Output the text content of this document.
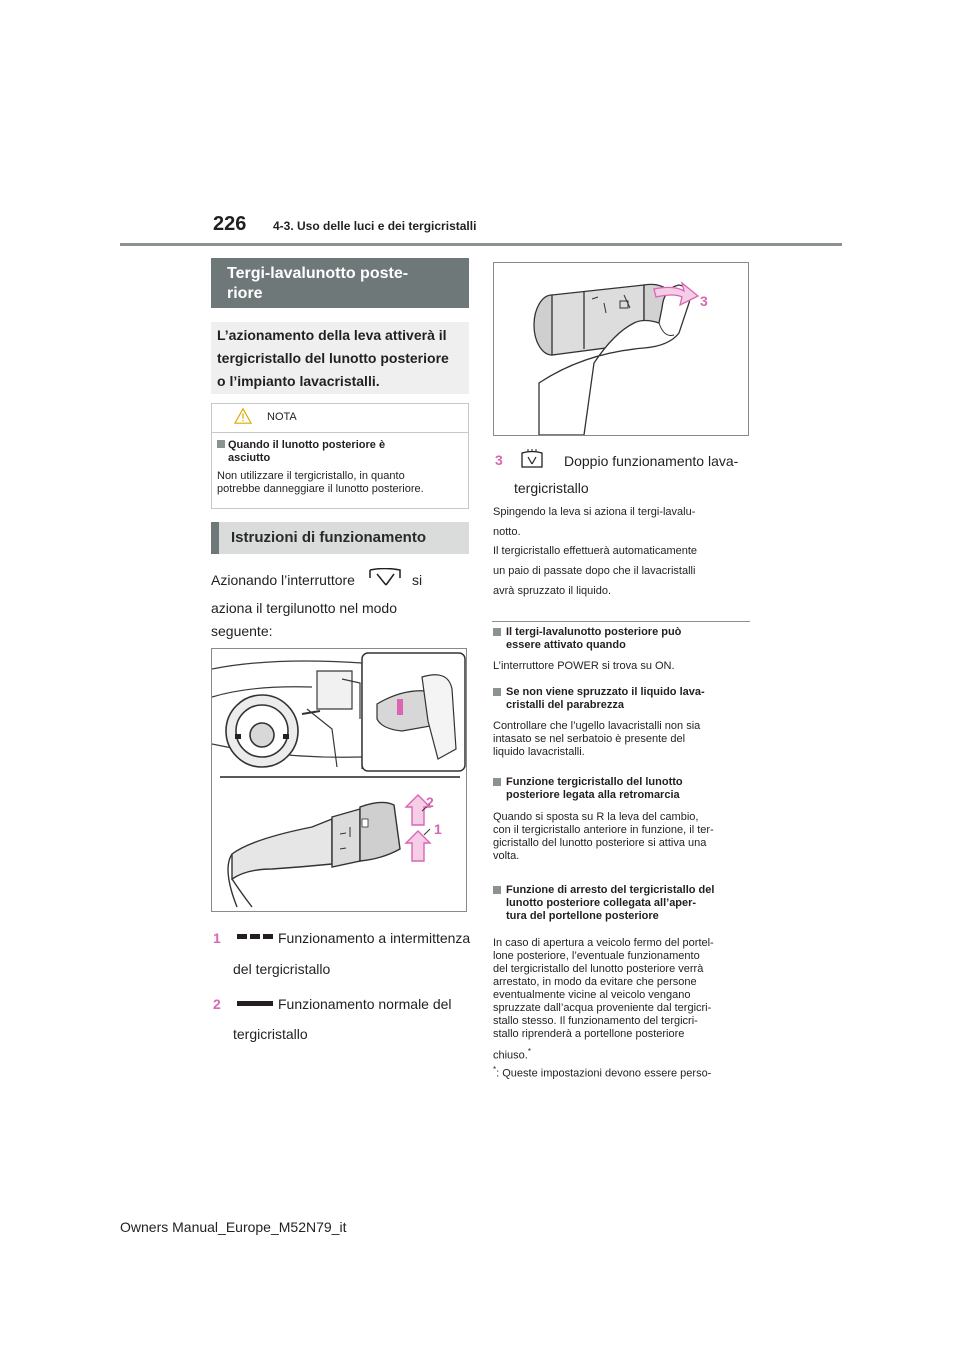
226 4-3. Uso delle luci e dei tergicristalli
Tergi-lavalunotto poste-
riore
L’azionamento della leva attiverà il
tergicristallo del lunotto posteriore
o l’impianto lavacristalli.
NOTA
Quando il lunotto posteriore è
asciutto
Non utilizzare il tergicristallo, in quanto
potrebbe danneggiare il lunotto posteriore.
Istruzioni di funzionamento
Azionando l’interruttore	si
aziona il tergilunotto nel modo
seguente:
2
1
1	Funzionamento a intermittenza
del tergicristallo
2	Funzionamento normale del
tergicristallo
3
3	Doppio funzionamento lava-
tergicristallo
Spingendo la leva si aziona il tergi-lavalu-
notto.
Il tergicristallo effettuerà automaticamente
un paio di passate dopo che il lavacristalli
avrà spruzzato il liquido.
Il tergi-lavalunotto posteriore può
essere attivato quando
L’interruttore POWER si trova su ON.
Se non viene spruzzato il liquido lava-
cristalli del parabrezza
Controllare che l’ugello lavacristalli non sia
intasato se nel serbatoio è presente del
liquido lavacristalli.
Funzione tergicristallo del lunotto
posteriore legata alla retromarcia
Quando si sposta su R la leva del cambio,
con il tergicristallo anteriore in funzione, il ter-
gicristallo del lunotto posteriore si attiva una
volta.
Funzione di arresto del tergicristallo del
lunotto posteriore collegata all’aper-
tura del portellone posteriore
In caso di apertura a veicolo fermo del portel-
lone posteriore, l’eventuale funzionamento
del tergicristallo del lunotto posteriore verrà
arrestato, in modo da evitare che persone
eventualmente vicine al veicolo vengano
spruzzate dall’acqua proveniente dal tergicri-
stallo stesso. Il funzionamento del tergicri-
stallo riprenderà a portellone posteriore
chiuso.*
*: Queste impostazioni devono essere perso-
Owners Manual_Europe_M52N79_it
